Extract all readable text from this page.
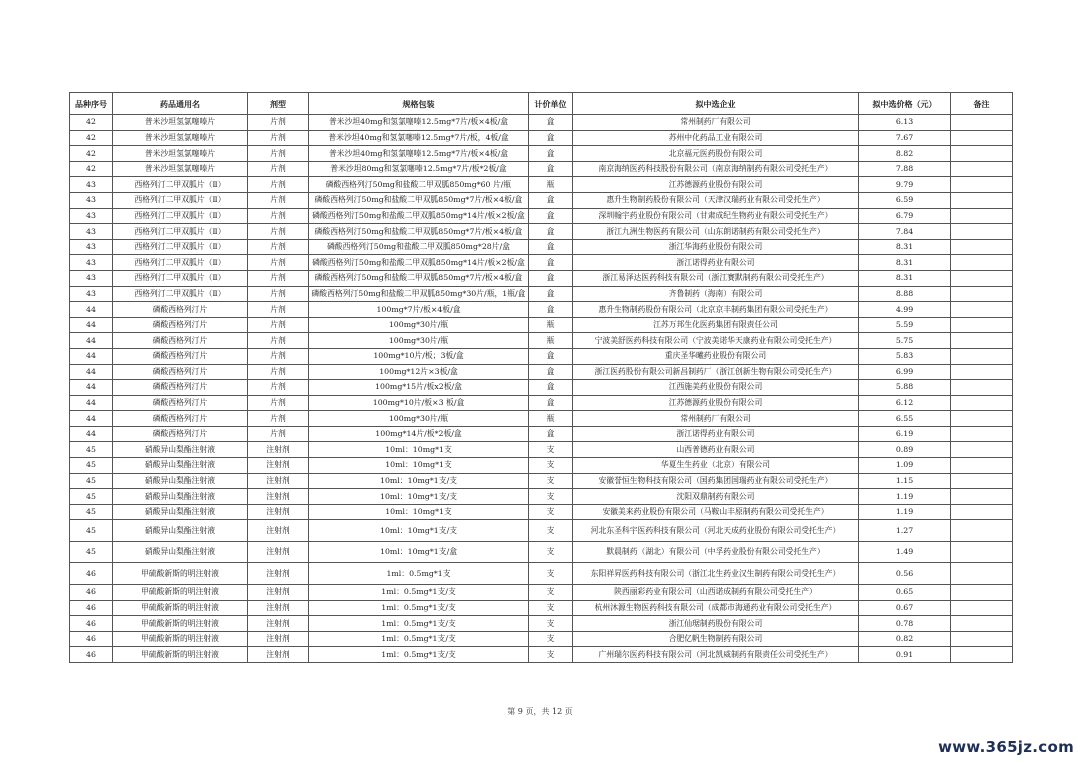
品种序号	药品通用名	剂型	规格包装	计价单位	拟中选企业	拟中选价格（元）	备注
42	普米沙坦氢氯噻嗪片	片剂	普米沙坦40mg和氢氯噻嗪12.5mg*7片/板×4板/盒	盒	常州制药厂有限公司	6.13	
42	普米沙坦氢氯噻嗪片	片剂	普米沙坦40mg和氢氯噻嗪12.5mg*7片/板，4板/盒	盒	苏州中化药品工业有限公司	7.67	
42	普米沙坦氢氯噻嗪片	片剂	普米沙坦40mg和氢氯噻嗪12.5mg*7片/板×4板/盒	盒	北京福元医药股份有限公司	8.82	
42	普米沙坦氢氯噻嗪片	片剂	普米沙坦80mg和氢氯噻嗪12.5mg*7片/板*2板/盒	盒	南京海纳医药科技股份有限公司（南京海纳制药有限公司受托生产）	7.88	
43	西格列汀二甲双胍片（Ⅱ）	片剂	磷酸西格列汀50mg和盐酸二甲双胍850mg*60 片/瓶	瓶	江苏德源药业股份有限公司	9.79	
43	西格列汀二甲双胍片（Ⅱ）	片剂	磷酸西格列汀50mg和盐酸二甲双胍850mg*7片/板×4板/盒	盒	惠升生物制药股份有限公司（天津汉瑞药业有限公司受托生产）	6.59	
43	西格列汀二甲双胍片（Ⅱ）	片剂	磷酸西格列汀50mg和盐酸二甲双胍850mg*14片/板×2板/盒	盒	深圳翰宇药业股份有限公司（甘肃成纪生物药业有限公司受托生产）	6.79	
43	西格列汀二甲双胍片（Ⅱ）	片剂	磷酸西格列汀50mg和盐酸二甲双胍850mg*7片/板×4板/盒	盒	浙江九洲生物医药有限公司（山东朗诺制药有限公司受托生产）	7.84	
43	西格列汀二甲双胍片（Ⅱ）	片剂	磷酸西格列汀50mg和盐酸二甲双胍850mg*28片/盒	盒	浙江华海药业股份有限公司	8.31	
43	西格列汀二甲双胍片（Ⅱ）	片剂	磷酸西格列汀50mg和盐酸二甲双胍850mg*14片/板×2板/盒	盒	浙江诺得药业有限公司	8.31	
43	西格列汀二甲双胍片（Ⅱ）	片剂	磷酸西格列汀50mg和盐酸二甲双胍850mg*7片/板×4板/盒	盒	浙江易泽达医药科技有限公司（浙江赛默制药有限公司受托生产）	8.31	
43	西格列汀二甲双胍片（Ⅱ）	片剂	磷酸西格列汀50mg和盐酸二甲双胍850mg*30片/瓶，1瓶/盒	盒	齐鲁制药（海南）有限公司	8.88	
44	磷酸西格列汀片	片剂	100mg*7片/板×4板/盒	盒	惠升生物制药股份有限公司（北京京丰制药集团有限公司受托生产）	4.99	
44	磷酸西格列汀片	片剂	100mg*30片/瓶	瓶	江苏万邦生化医药集团有限责任公司	5.59	
44	磷酸西格列汀片	片剂	100mg*30片/瓶	瓶	宁波美舒医药科技有限公司（宁波美诺华天康药业有限公司受托生产）	5.75	
44	磷酸西格列汀片	片剂	100mg*10片/板；3板/盒	盒	重庆圣华曦药业股份有限公司	5.83	
44	磷酸西格列汀片	片剂	100mg*12片×3板/盒	盒	浙江医药股份有限公司新昌制药厂（浙江创新生物有限公司受托生产）	6.99	
44	磷酸西格列汀片	片剂	100mg*15片/板x2板/盒	盒	江西施美药业股份有限公司	5.88	
44	磷酸西格列汀片	片剂	100mg*10片/板×3 板/盒	盒	江苏德源药业股份有限公司	6.12	
44	磷酸西格列汀片	片剂	100mg*30片/瓶	瓶	常州制药厂有限公司	6.55	
44	磷酸西格列汀片	片剂	100mg*14片/板*2板/盒	盒	浙江诺得药业有限公司	6.19	
45	硝酸异山梨酯注射液	注射剂	10ml：10mg*1支	支	山西普德药业有限公司	0.89	
45	硝酸异山梨酯注射液	注射剂	10ml：10mg*1支	支	华夏生生药业（北京）有限公司	1.09	
45	硝酸异山梨酯注射液	注射剂	10ml：10mg*1支/支	支	安徽誉恒生物科技有限公司（国药集团国瑞药业有限公司受托生产）	1.15	
45	硝酸异山梨酯注射液	注射剂	10ml：10mg*1支/支	支	沈阳双鼎制药有限公司	1.19	
45	硝酸异山梨酯注射液	注射剂	10ml：10mg*1支	支	安徽美来药业股份有限公司（马鞍山丰原制药有限公司受托生产）	1.19	
45	硝酸异山梨酯注射液	注射剂	10ml：10mg*1支/支	支	河北东圣科宇医药科技有限公司（河北天成药业股份有限公司受托生产）	1.27	
45	硝酸异山梨酯注射液	注射剂	10ml：10mg*1支/盒	支	默晨制药（湖北）有限公司（中孚药业股份有限公司受托生产）	1.49	
46	甲硫酸新斯的明注射液	注射剂	1ml：0.5mg*1支	支	东阳祥昇医药科技有限公司（浙江北生药业汉生制药有限公司受托生产）	0.56	
46	甲硫酸新斯的明注射液	注射剂	1ml：0.5mg*1支/支	支	陕西丽彩药业有限公司（山西诺成制药有限公司受托生产）	0.65	
46	甲硫酸新斯的明注射液	注射剂	1ml：0.5mg*1支/支	支	杭州沐源生物医药科技有限公司（成都市海通药业有限公司受托生产）	0.67	
46	甲硫酸新斯的明注射液	注射剂	1ml：0.5mg*1支/支	支	浙江仙琚制药股份有限公司	0.78	
46	甲硫酸新斯的明注射液	注射剂	1ml：0.5mg*1支/支	支	合肥亿帆生物制药有限公司	0.82	
46	甲硫酸新斯的明注射液	注射剂	1ml：0.5mg*1支/支	支	广州瑞尔医药科技有限公司（河北凯威制药有限责任公司受托生产）	0.91	
第 9 页，共 12 页
www.365jz.com
